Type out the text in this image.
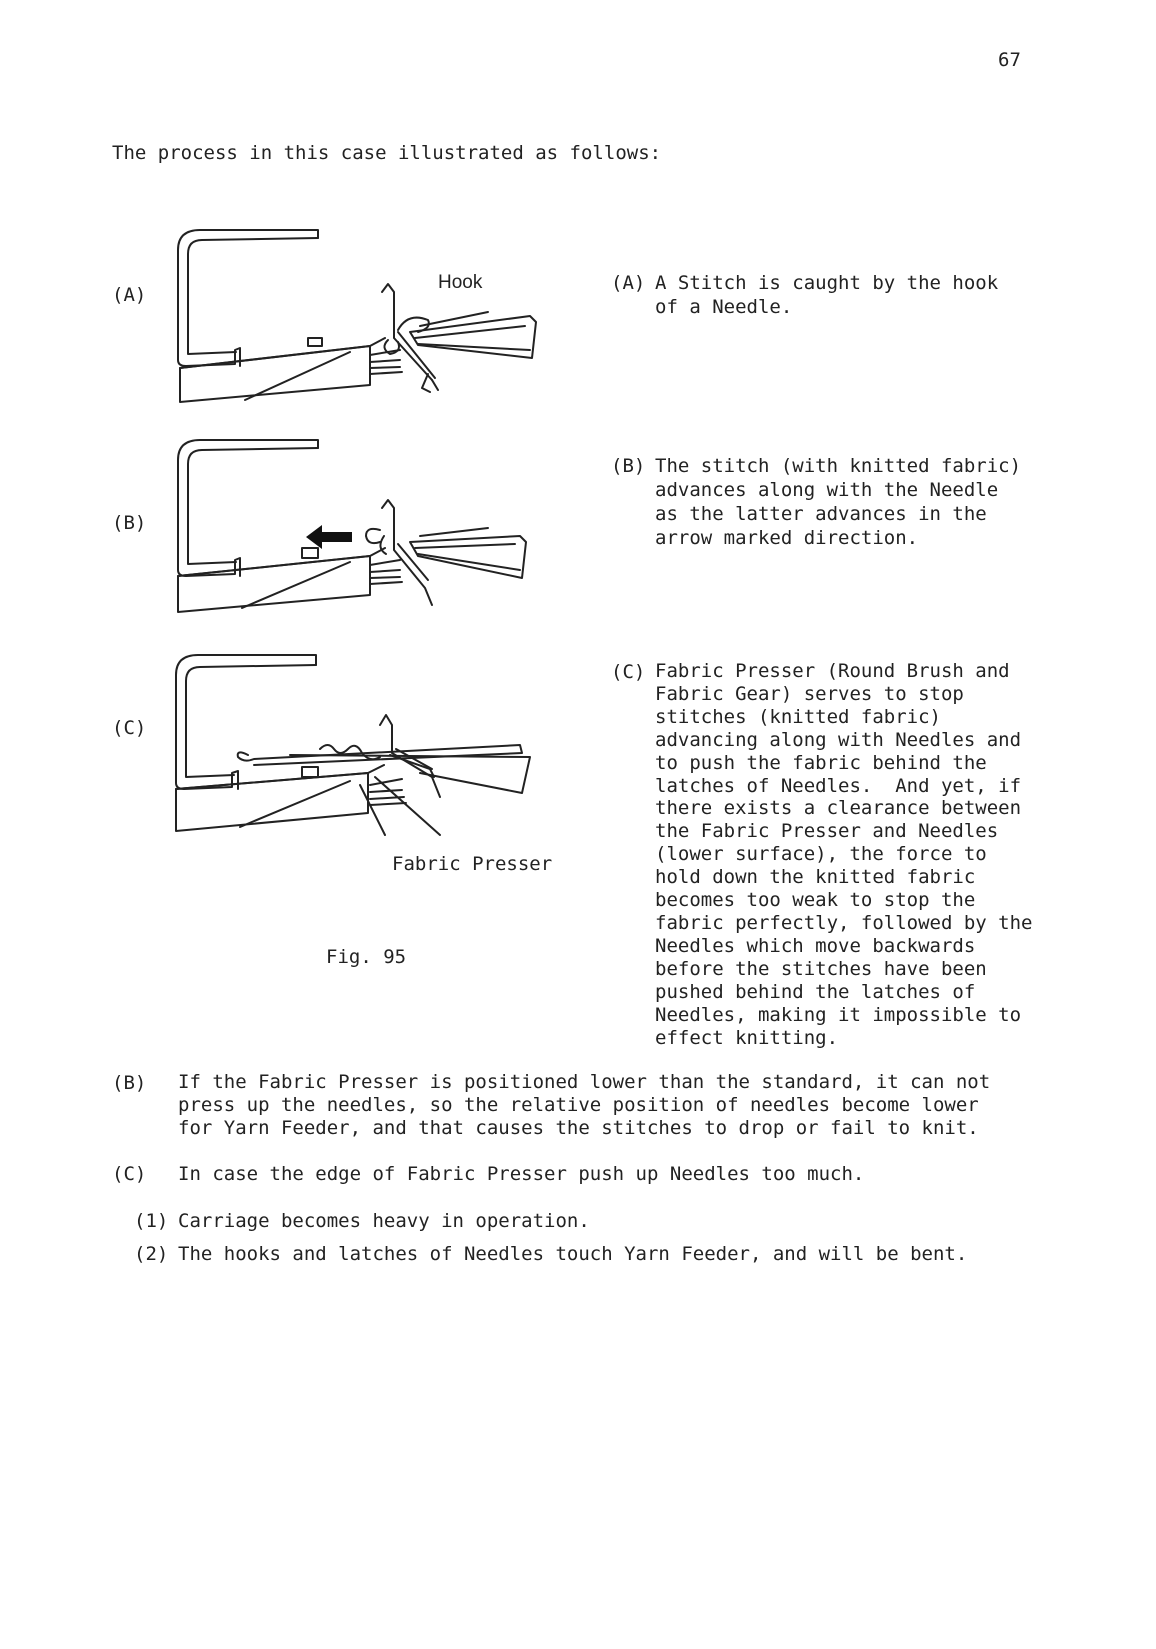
67
The process in this case illustrated as follows:
(A)
(B)
(C)
Hook
Fabric Presser
Fig. 95
(A) A Stitch is caught by the hook
of a Needle.
(B) The stitch (with knitted fabric)
advances along with the Needle
as the latter advances in the
arrow marked direction.
(C) Fabric Presser (Round Brush and
Fabric Gear) serves to stop
stitches (knitted fabric)
advancing along with Needles and
to push the fabric behind the
latches of Needles.  And yet, if
there exists a clearance between
the Fabric Presser and Needles
(lower surface), the force to
hold down the knitted fabric
becomes too weak to stop the
fabric perfectly, followed by the
Needles which move backwards
before the stitches have been
pushed behind the latches of
Needles, making it impossible to
effect knitting.
(B) If the Fabric Presser is positioned lower than the standard, it can not
press up the needles, so the relative position of needles become lower
for Yarn Feeder, and that causes the stitches to drop or fail to knit.
(C) In case the edge of Fabric Presser push up Needles too much.
(1) Carriage becomes heavy in operation.
(2) The hooks and latches of Needles touch Yarn Feeder, and will be bent.
